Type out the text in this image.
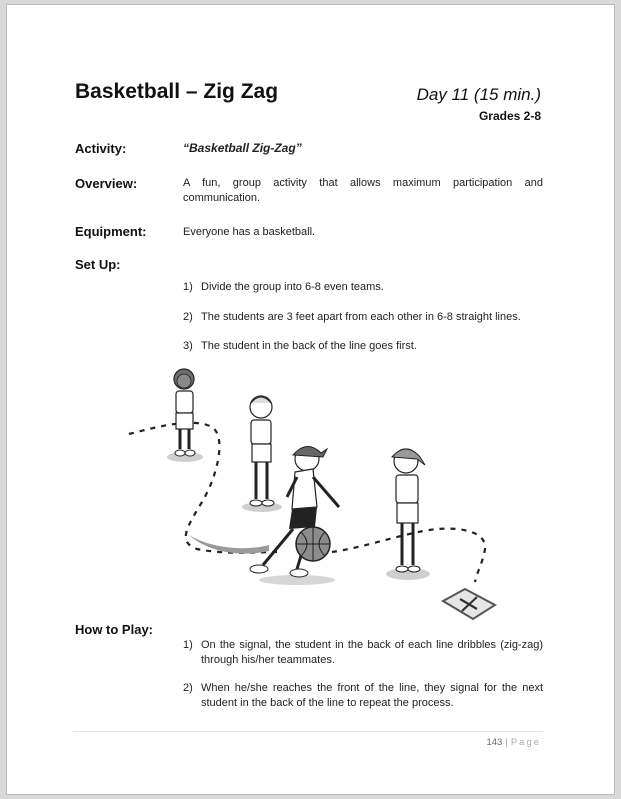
Basketball – Zig Zag	Day 11 (15 min.)
Grades 2-8
Activity:	“Basketball Zig-Zag”
Overview:	A fun, group activity that allows maximum participation and communication.
Equipment:	Everyone has a basketball.
Set Up:
1) Divide the group into 6-8 even teams.
2) The students are 3 feet apart from each other in 6-8 straight lines.
3) The student in the back of the line goes first.
How to Play:
1) On the signal, the student in the back of each line dribbles (zig-zag) through his/her teammates.
2) When he/she reaches the front of the line, they signal for the next student in the back of the line to repeat the process.
143 | Page
